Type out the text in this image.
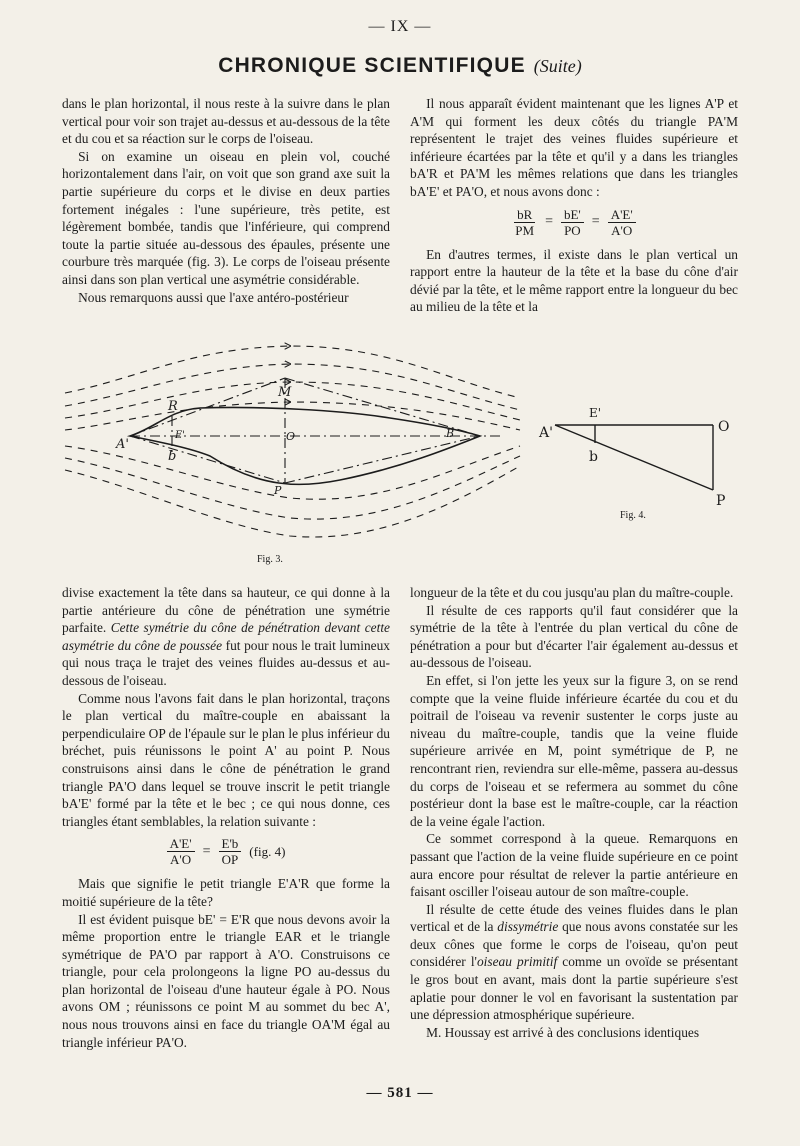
— IX —
CHRONIQUE SCIENTIFIQUE (Suite)

dans le plan horizontal, il nous reste à la suivre dans le plan vertical pour voir son trajet au-dessus et au-dessous de la tête et du cou et sa réaction sur le corps de l'oiseau.

Si on examine un oiseau en plein vol, couché horizontalement dans l'air, on voit que son grand axe suit la partie supérieure du corps et le divise en deux parties fortement inégales : l'une supérieure, très petite, est légèrement bombée, tandis que l'inférieure, qui comprend toute la partie située au-dessous des épaules, présente une courbure très marquée (fig. 3). Le corps de l'oiseau présente ainsi dans son plan vertical une asymétrie considérable.

Nous remarquons aussi que l'axe antéro-postérieur

Il nous apparaît évident maintenant que les lignes A'P et A'M qui forment les deux côtés du triangle PA'M représentent le trajet des veines fluides supérieure et inférieure écartées par la tête et qu'il y a dans les triangles bA'R et PA'M les mêmes relations que dans les triangles bA'E' et PA'O, et nous avons donc :

$\frac{bR}{PM} = \frac{bE'}{PO} = \frac{A'E'}{A'O}$

En d'autres termes, il existe dans le plan vertical un rapport entre la hauteur de la tête et la base du cône d'air dévié par la tête, et le même rapport entre la longueur du bec au milieu de la tête et la

A'
R
b
E'
M
O
P
B
Fig. 3.
A'
E'
b
O
P
Fig. 4.

divise exactement la tête dans sa hauteur, ce qui donne à la partie antérieure du cône de pénétration une symétrie parfaite. Cette symétrie du cône de pénétration devant cette asymétrie du cône de poussée fut pour nous le trait lumineux qui nous traça le trajet des veines fluides au-dessus et au-dessous de l'oiseau.

Comme nous l'avons fait dans le plan horizontal, traçons le plan vertical du maître-couple en abaissant la perpendiculaire OP de l'épaule sur le plan le plus inférieur du bréchet, puis réunissons le point A' au point P. Nous construisons ainsi dans le cône de pénétration le grand triangle PA'O dans lequel se trouve inscrit le petit triangle bA'E' formé par la tête et le bec ; ce qui nous donne, ces triangles étant semblables, la relation suivante :

$\frac{A'E'}{A'O} = \frac{E'b}{OP} (fig$. 4)

Mais que signifie le petit triangle E'A'R que forme la moitié supérieure de la tête?

Il est évident puisque bE' = E'R que nous devons avoir la même proportion entre le triangle EAR et le triangle symétrique de PA'O par rapport à A'O. Construisons ce triangle, pour cela prolongeons la ligne PO au-dessus du plan horizontal de l'oiseau d'une hauteur égale à PO. Nous avons OM ; réunissons ce point M au sommet du bec A', nous nous trouvons ainsi en face du triangle OA'M égal au triangle inférieur PA'O.

longueur de la tête et du cou jusqu'au plan du maître-couple.

Il résulte de ces rapports qu'il faut considérer que la symétrie de la tête à l'entrée du plan vertical du cône de pénétration a pour but d'écarter l'air également au-dessus et au-dessous de l'oiseau.

En effet, si l'on jette les yeux sur la figure 3, on se rend compte que la veine fluide inférieure écartée du cou et du poitrail de l'oiseau va revenir sustenter le corps juste au niveau du maître-couple, tandis que la veine fluide supérieure arrivée en M, point symétrique de P, ne rencontrant rien, reviendra sur elle-même, passera au-dessus du corps de l'oiseau et se refermera au sommet du cône postérieur dont la base est le maître-couple, car la réaction de la veine égale l'action.

Ce sommet correspond à la queue. Remarquons en passant que l'action de la veine fluide supérieure en ce point aura encore pour résultat de relever la partie antérieure en faisant osciller l'oiseau autour de son maître-couple.

Il résulte de cette étude des veines fluides dans le plan vertical et de la dissymétrie que nous avons constatée sur les deux cônes que forme le corps de l'oiseau, qu'on peut considérer l'oiseau primitif comme un ovoïde se présentant le gros bout en avant, mais dont la partie supérieure s'est aplatie pour donner le vol en favorisant la sustentation par une dépression atmosphérique supérieure.

M. Houssay est arrivé à des conclusions identiques

— 581 —
